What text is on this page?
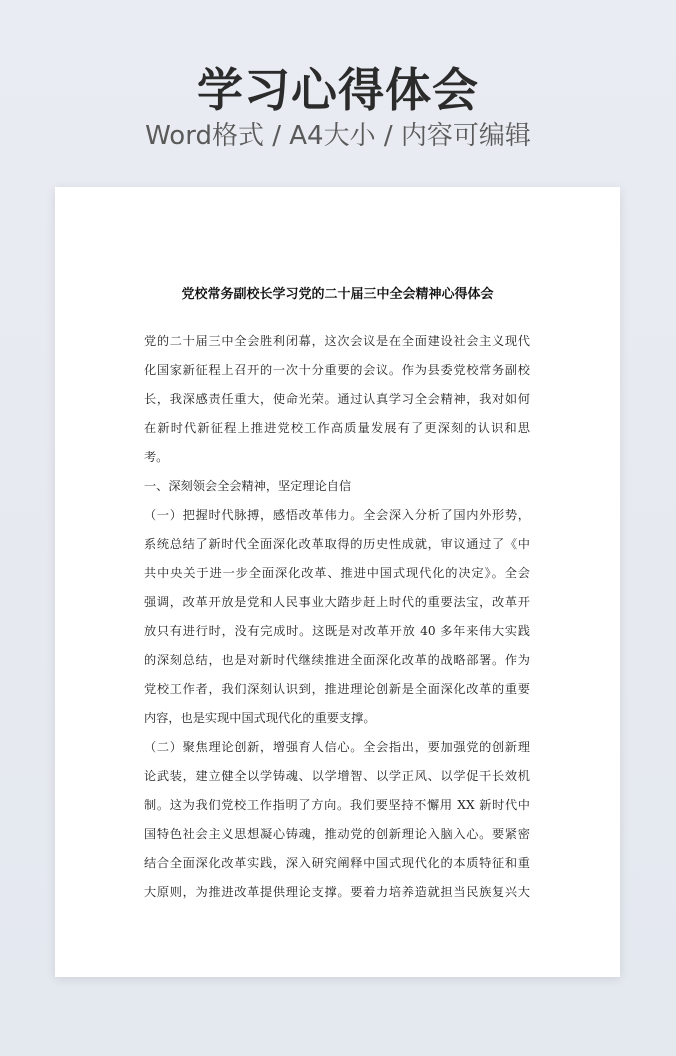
学习心得体会
Word格式 / A4大小 / 内容可编辑
党校常务副校长学习党的二十届三中全会精神心得体会
党的二十届三中全会胜利闭幕，这次会议是在全面建设社会主义现代
化国家新征程上召开的一次十分重要的会议。作为县委党校常务副校
长，我深感责任重大，使命光荣。通过认真学习全会精神，我对如何
在新时代新征程上推进党校工作高质量发展有了更深刻的认识和思
考。
一、深刻领会全会精神，坚定理论自信
（一）把握时代脉搏，感悟改革伟力。全会深入分析了国内外形势，
系统总结了新时代全面深化改革取得的历史性成就，审议通过了《中
共中央关于进一步全面深化改革、推进中国式现代化的决定》。全会
强调，改革开放是党和人民事业大踏步赶上时代的重要法宝，改革开
放只有进行时，没有完成时。这既是对改革开放 40 多年来伟大实践
的深刻总结，也是对新时代继续推进全面深化改革的战略部署。作为
党校工作者，我们深刻认识到，推进理论创新是全面深化改革的重要
内容，也是实现中国式现代化的重要支撑。
（二）聚焦理论创新，增强育人信心。全会指出，要加强党的创新理
论武装，建立健全以学铸魂、以学增智、以学正风、以学促干长效机
制。这为我们党校工作指明了方向。我们要坚持不懈用 XX 新时代中
国特色社会主义思想凝心铸魂，推动党的创新理论入脑入心。要紧密
结合全面深化改革实践，深入研究阐释中国式现代化的本质特征和重
大原则，为推进改革提供理论支撑。要着力培养造就担当民族复兴大
